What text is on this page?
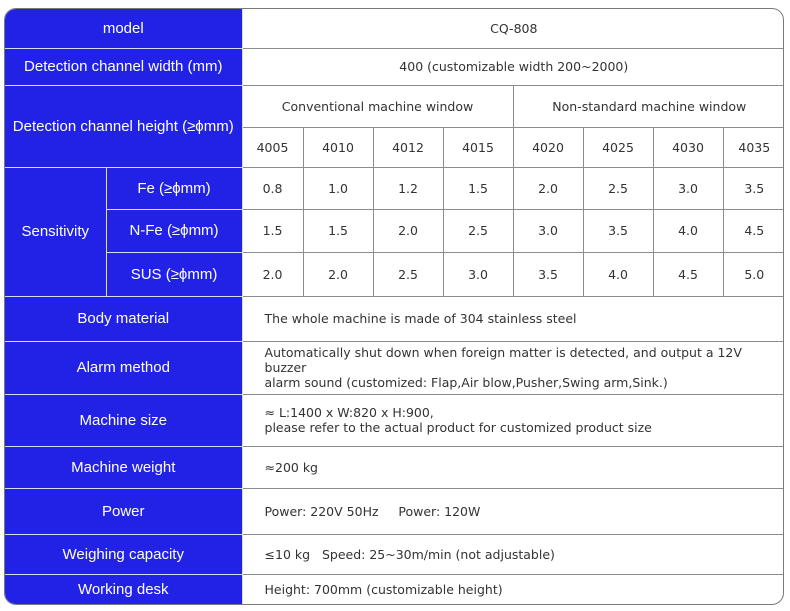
model		CQ-808							
Detection channel width (mm)		400 (customizable width 200~2000)							
Detection channel height (≥ϕmm)		Conventional machine window				Non-standard machine window			
		4005	4010	4012	4015	4020	4025	4030	4035
Sensitivity	Fe (≥ϕmm)	0.8	1.0	1.2	1.5	2.0	2.5	3.0	3.5
	N-Fe (≥ϕmm)	1.5	1.5	2.0	2.5	3.0	3.5	4.0	4.5
	SUS (≥ϕmm)	2.0	2.0	2.5	3.0	3.5	4.0	4.5	5.0
Body material		The whole machine is made of 304 stainless steel							
Alarm method		Automatically shut down when foreign matter is detected, and output a 12V buzzer
alarm sound (customized: Flap,Air blow,Pusher,Swing arm,Sink.)							

Machine size		≈ L:1400 x W:820 x H:900,
please refer to the actual product for customized product size							

Machine weight		≈200 kg							
Power		Power: 220V 50Hz     Power: 120W							
Weighing capacity		≤10 kg   Speed: 25~30m/min (not adjustable)							
Working desk		Height: 700mm (customizable height)							
